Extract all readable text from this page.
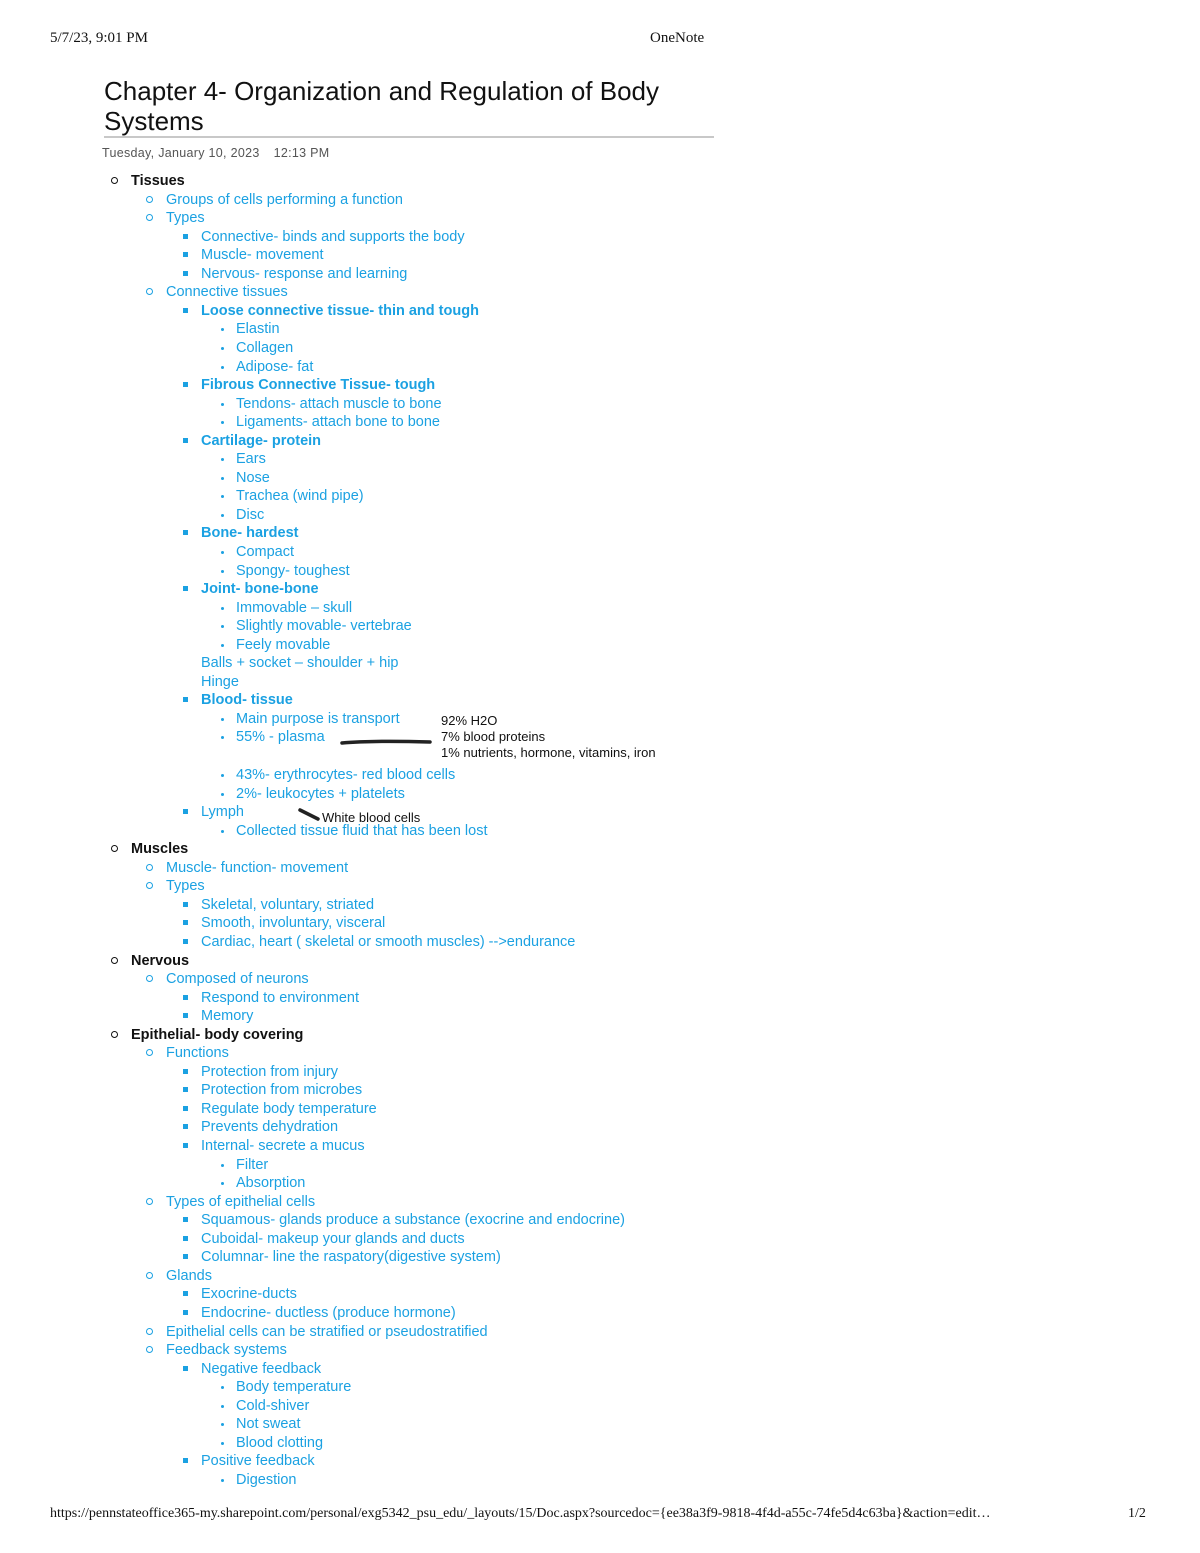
5/7/23, 9:01 PM	OneNote
Chapter 4- Organization and Regulation of Body Systems
Tuesday, January 10, 2023 12:13 PM
Tissues
Groups of cells performing a function
Types
Connective- binds and supports the body
Muscle- movement
Nervous- response and learning
Connective tissues
Loose connective tissue- thin and tough
Elastin
Collagen
Adipose- fat
Fibrous Connective Tissue- tough
Tendons- attach muscle to bone
Ligaments- attach bone to bone
Cartilage- protein
Ears
Nose
Trachea (wind pipe)
Disc
Bone- hardest
Compact
Spongy- toughest
Joint- bone-bone
Immovable – skull
Slightly movable- vertebrae
Feely movable
Balls + socket – shoulder + hip
Hinge
Blood- tissue
Main purpose is transport
55% - plasma
43%- erythrocytes- red blood cells
2%- leukocytes + platelets
Lymph
Collected tissue fluid that has been lost
Muscles
Muscle- function- movement
Types
Skeletal, voluntary, striated
Smooth, involuntary, visceral
Cardiac, heart ( skeletal or smooth muscles) -->endurance
Nervous
Composed of neurons
Respond to environment
Memory
Epithelial- body covering
Functions
Protection from injury
Protection from microbes
Regulate body temperature
Prevents dehydration
Internal- secrete a mucus
Filter
Absorption
Types of epithelial cells
Squamous- glands produce a substance (exocrine and endocrine)
Cuboidal- makeup your glands and ducts
Columnar- line the raspatory(digestive system)
Glands
Exocrine-ducts
Endocrine- ductless (produce hormone)
Epithelial cells can be stratified or pseudostratified
Feedback systems
Negative feedback
Body temperature
Cold-shiver
Not sweat
Blood clotting
Positive feedback
Digestion
92% H2O
7% blood proteins
1% nutrients, hormone, vitamins, iron
White blood cells
https://pennstateoffice365-my.sharepoint.com/personal/exg5342_psu_edu/_layouts/15/Doc.aspx?sourcedoc={ee38a3f9-9818-4f4d-a55c-74fe5d4c63ba}&action=edit…	1/2
